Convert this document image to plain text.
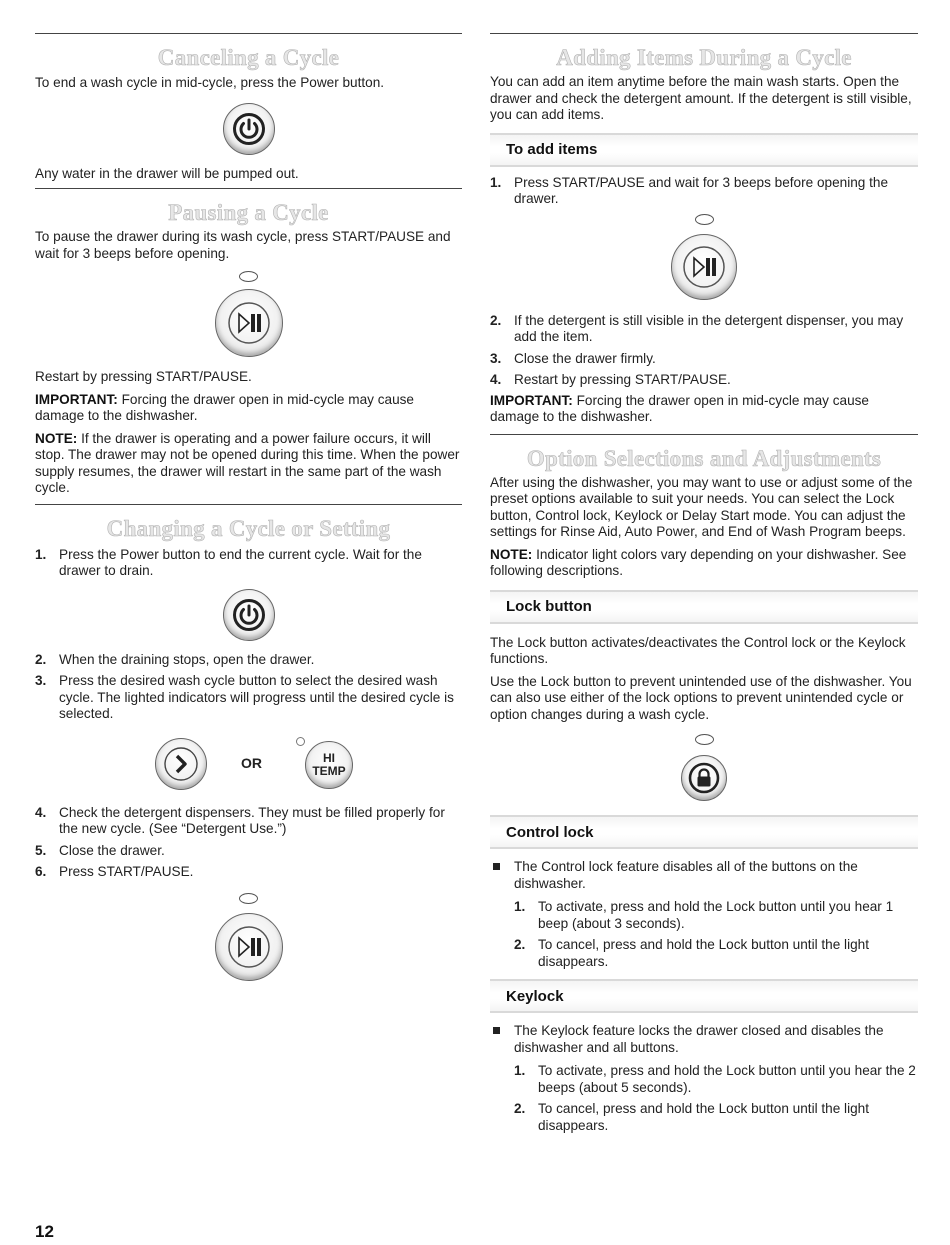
Canceling a Cycle

To end a wash cycle in mid-cycle, press the Power button.

Any water in the drawer will be pumped out.

Pausing a Cycle

To pause the drawer during its wash cycle, press START/PAUSE and wait for 3 beeps before opening.

Restart by pressing START/PAUSE.

IMPORTANT: Forcing the drawer open in mid-cycle may cause damage to the dishwasher.

NOTE: If the drawer is operating and a power failure occurs, it will stop. The drawer may not be opened during this time. When the power supply resumes, the drawer will restart in the same part of the wash cycle.

Changing a Cycle or Setting
1. Press the Power button to end the current cycle. Wait for the drawer to drain.
2. When the draining stops, open the drawer.
3. Press the desired wash cycle button to select the desired wash cycle. The lighted indicators will progress until the desired cycle is selected.
OR	HI
TEMP
4. Check the detergent dispensers. They must be filled properly for the new cycle. (See “Detergent Use.”)
5. Close the drawer.
6. Press START/PAUSE.
Adding Items During a Cycle

You can add an item anytime before the main wash starts. Open the drawer and check the detergent amount. If the detergent is still visible, you can add items.

To add items
1. Press START/PAUSE and wait for 3 beeps before opening the drawer.
2. If the detergent is still visible in the detergent dispenser, you may add the item.
3. Close the drawer firmly.
4. Restart by pressing START/PAUSE.

IMPORTANT: Forcing the drawer open in mid-cycle may cause damage to the dishwasher.

Option Selections and Adjustments

After using the dishwasher, you may want to use or adjust some of the preset options available to suit your needs. You can select the Lock button, Control lock, Keylock or Delay Start mode. You can adjust the settings for Rinse Aid, Auto Power, and End of Wash Program beeps.

NOTE: Indicator light colors vary depending on your dishwasher. See following descriptions.

Lock button

The Lock button activates/deactivates the Control lock or the Keylock functions.

Use the Lock button to prevent unintended use of the dishwasher. You can also use either of the lock options to prevent unintended cycle or option changes during a wash cycle.

Control lock
The Control lock feature disables all of the buttons on the dishwasher.
1. To activate, press and hold the Lock button until you hear 1 beep (about 3 seconds).
2. To cancel, press and hold the Lock button until the light disappears.
Keylock
The Keylock feature locks the drawer closed and disables the dishwasher and all buttons.
1. To activate, press and hold the Lock button until you hear the 2 beeps (about 5 seconds).
2. To cancel, press and hold the Lock button until the light disappears.
12
